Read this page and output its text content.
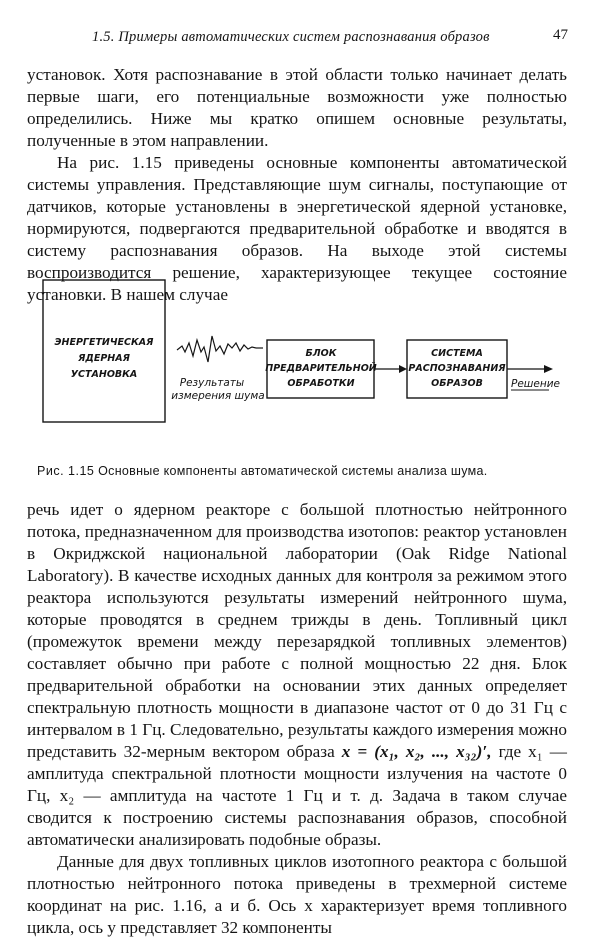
1.5. Примеры автоматических систем распознавания образов	47

установок. Хотя распознавание в этой области только начинает делать первые шаги, его потенциальные возможности уже полностью определились. Ниже мы кратко опишем основные результаты, полученные в этом направлении.

На рис. 1.15 приведены основные компоненты автоматической системы управления. Представляющие шум сигналы, поступающие от датчиков, которые установлены в энергетической ядерной установке, нормируются, подвергаются предварительной обработке и вводятся в систему распознавания образов. На выходе этой системы воспроизводится решение, характеризующее текущее состояние установки. В нашем случае

ЭНЕРГЕТИЧЕСКАЯ
ЯДЕРНАЯ
УСТАНОВКА
Результаты
измерения шума
БЛОК
ПРЕДВАРИТЕЛЬНОЙ
ОБРАБОТКИ
СИСТЕМА
РАСПОЗНАВАНИЯ
ОБРАЗОВ	Решение
Рис. 1.15 Основные компоненты автоматической системы анализа шума.

речь идет о ядерном реакторе с большой плотностью нейтронного потока, предназначенном для производства изотопов: реактор установлен в Окриджской национальной лаборатории (Oak Ridge National Laboratory). В качестве исходных данных для контроля за режимом этого реактора используются результаты измерений нейтронного шума, которые проводятся в среднем трижды в день. Топливный цикл (промежуток времени между перезарядкой топливных элементов) составляет обычно при работе с полной мощностью 22 дня. Блок предварительной обработки на основании этих данных определяет спектральную плотность мощности в диапазоне частот от 0 до 31 Гц с интервалом в 1 Гц. Следовательно, результаты каждого измерения можно представить 32-мерным вектором образа x = (x₁, x₂, ..., x₃₂)′, где x₁ — амплитуда спектральной плотности мощности излучения на частоте 0 Гц, x₂ — амплитуда на частоте 1 Гц и т. д. Задача в таком случае сводится к построению системы распознавания образов, способной автоматически анализировать подобные образы.

Данные для двух топливных циклов изотопного реактора с большой плотностью нейтронного потока приведены в трехмерной системе координат на рис. 1.16, а и б. Ось x характеризует время топливного цикла, ось y представляет 32 компоненты
